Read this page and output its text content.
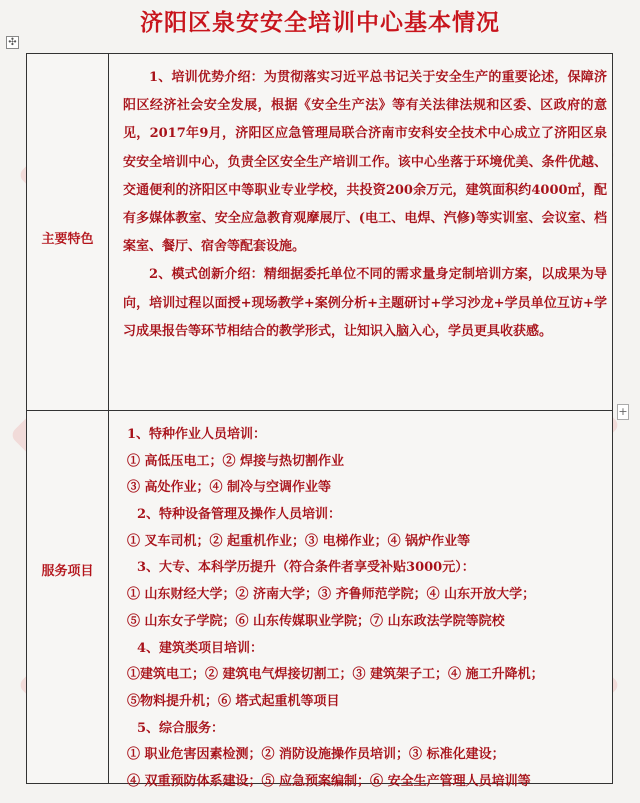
济阳区泉安安全培训中心基本情况
✣
主要特色

1、培训优势介绍：为贯彻落实习近平总书记关于安全生产的重要论述，保障济阳区经济社会安全发展，根据《安全生产法》等有关法律法规和区委、区政府的意见，2017年9月，济阳区应急管理局联合济南市安科安全技术中心成立了济阳区泉安安全培训中心，负责全区安全生产培训工作。该中心坐落于环境优美、条件优越、交通便利的济阳区中等职业专业学校，共投资200余万元，建筑面积约4000㎡，配有多媒体教室、安全应急教育观摩展厅、(电工、电焊、汽修)等实训室、会议室、档案室、餐厅、宿舍等配套设施。

2、模式创新介绍：精细据委托单位不同的需求量身定制培训方案，以成果为导向，培训过程以面授+现场教学+案例分析+主题研讨+学习沙龙+学员单位互访+学习成果报告等环节相结合的教学形式，让知识入脑入心，学员更具收获感。

服务项目
1、特种作业人员培训：
① 高低压电工；② 焊接与热切割作业
③ 高处作业；④ 制冷与空调作业等
2、特种设备管理及操作人员培训：
① 叉车司机；② 起重机作业；③ 电梯作业；④ 锅炉作业等
3、大专、本科学历提升（符合条件者享受补贴3000元）：
① 山东财经大学；② 济南大学；③ 齐鲁师范学院；④ 山东开放大学；
⑤ 山东女子学院；⑥ 山东传媒职业学院；⑦ 山东政法学院等院校
4、建筑类项目培训：
①建筑电工；② 建筑电气焊接切割工；③ 建筑架子工；④ 施工升降机；
⑤物料提升机；⑥ 塔式起重机等项目
5、综合服务：
① 职业危害因素检测；② 消防设施操作员培训；③ 标准化建设；
④ 双重预防体系建设；⑤ 应急预案编制；⑥ 安全生产管理人员培训等
+
